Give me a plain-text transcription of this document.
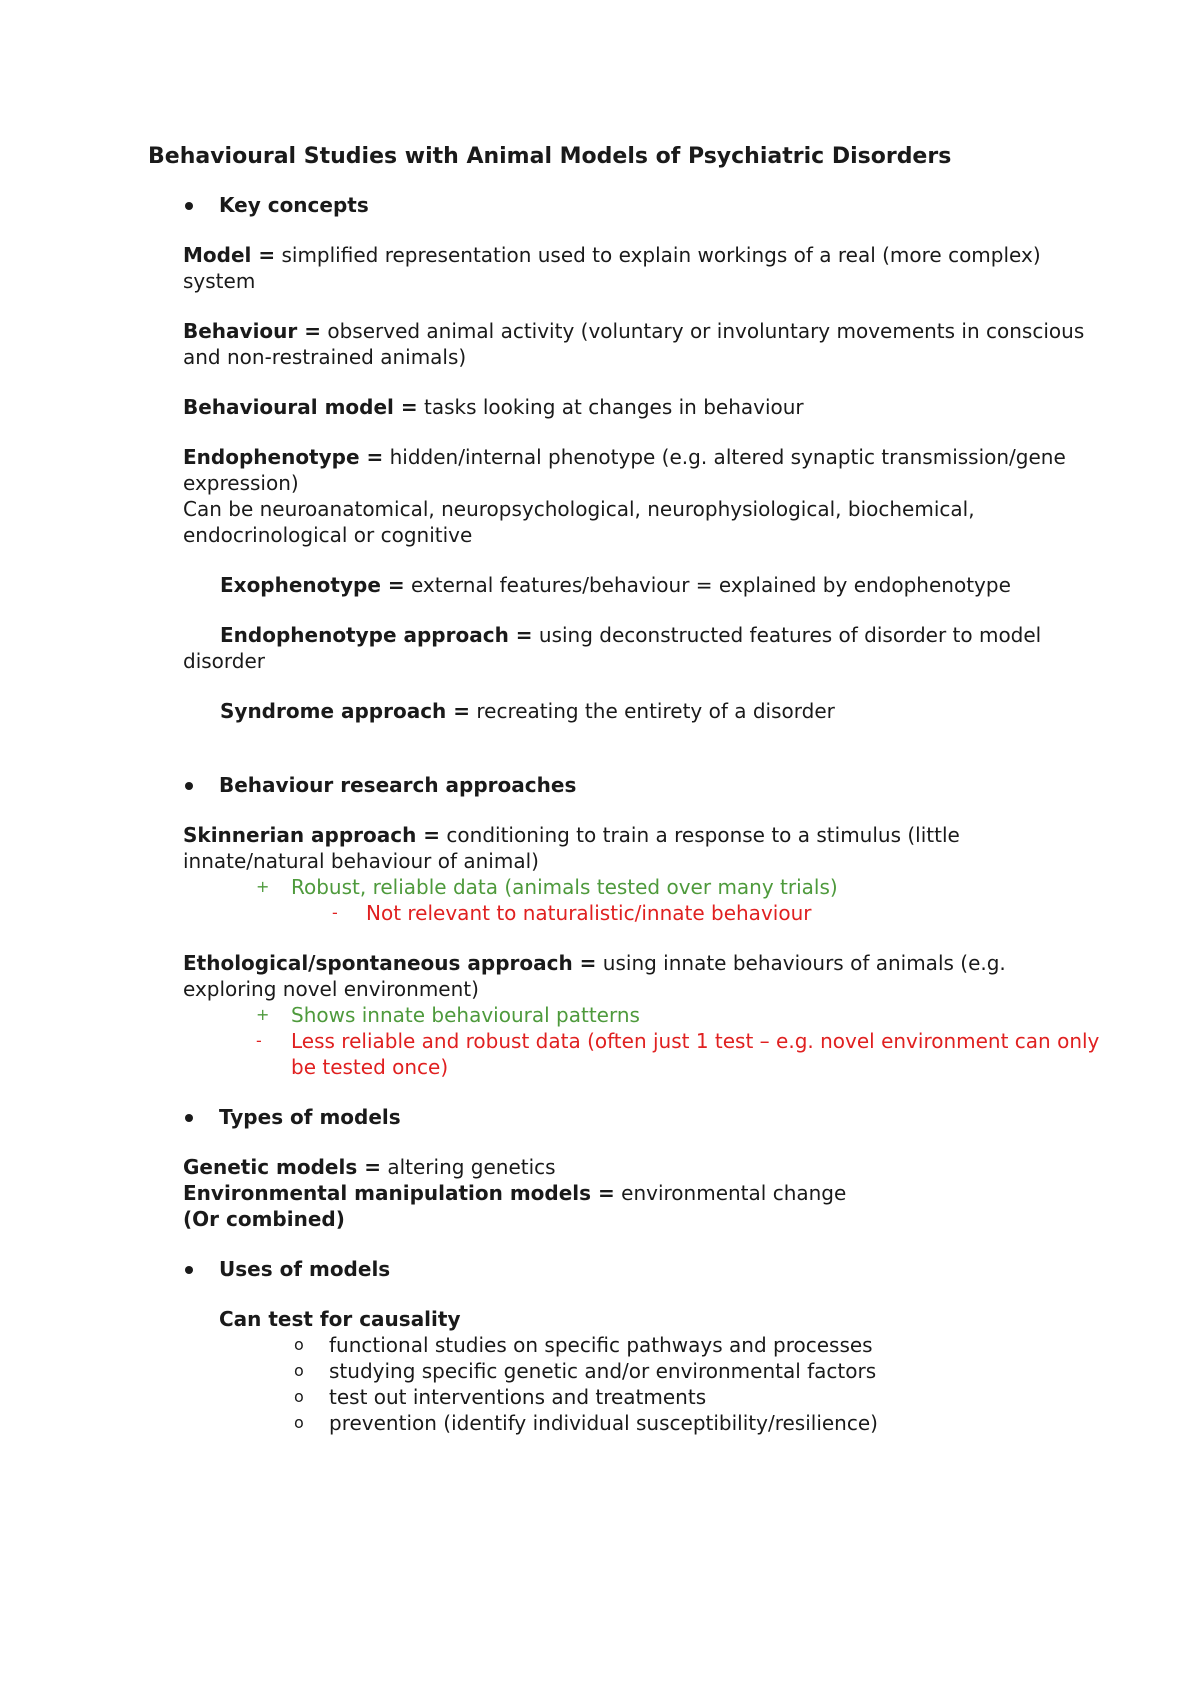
Behavioural Studies with Animal Models of Psychiatric Disorders
Key concepts
Model = simplified representation used to explain workings of a real (more complex) system
Behaviour = observed animal activity (voluntary or involuntary movements in conscious and non-restrained animals)
Behavioural model = tasks looking at changes in behaviour
Endophenotype = hidden/internal phenotype (e.g. altered synaptic transmission/gene expression)
Can be neuroanatomical, neuropsychological, neurophysiological, biochemical, endocrinological or cognitive
Exophenotype = external features/behaviour = explained by endophenotype
Endophenotype approach = using deconstructed features of disorder to model disorder
Syndrome approach = recreating the entirety of a disorder
Behaviour research approaches
Skinnerian approach = conditioning to train a response to a stimulus (little innate/natural behaviour of animal)
+ Robust, reliable data (animals tested over many trials)
- Not relevant to naturalistic/innate behaviour
Ethological/spontaneous approach = using innate behaviours of animals (e.g. exploring novel environment)
+ Shows innate behavioural patterns
- Less reliable and robust data (often just 1 test – e.g. novel environment can only be tested once)
Types of models
Genetic models = altering genetics
Environmental manipulation models = environmental change
(Or combined)
Uses of models
Can test for causality
o functional studies on specific pathways and processes
o studying specific genetic and/or environmental factors
o test out interventions and treatments
o prevention (identify individual susceptibility/resilience)
